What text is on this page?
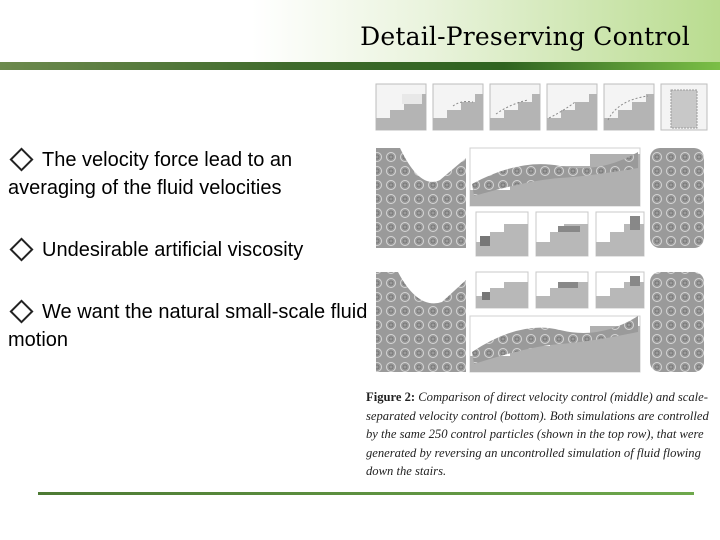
Detail-Preserving Control
The velocity force lead to an averaging of the fluid velocities
Undesirable artificial viscosity
We want the natural small-scale fluid motion
Figure 2: Comparison of direct velocity control (middle) and scale-separated velocity control (bottom). Both simulations are controlled by the same 250 control particles (shown in the top row), that were generated by reversing an uncontrolled simulation of fluid flowing down the stairs.
